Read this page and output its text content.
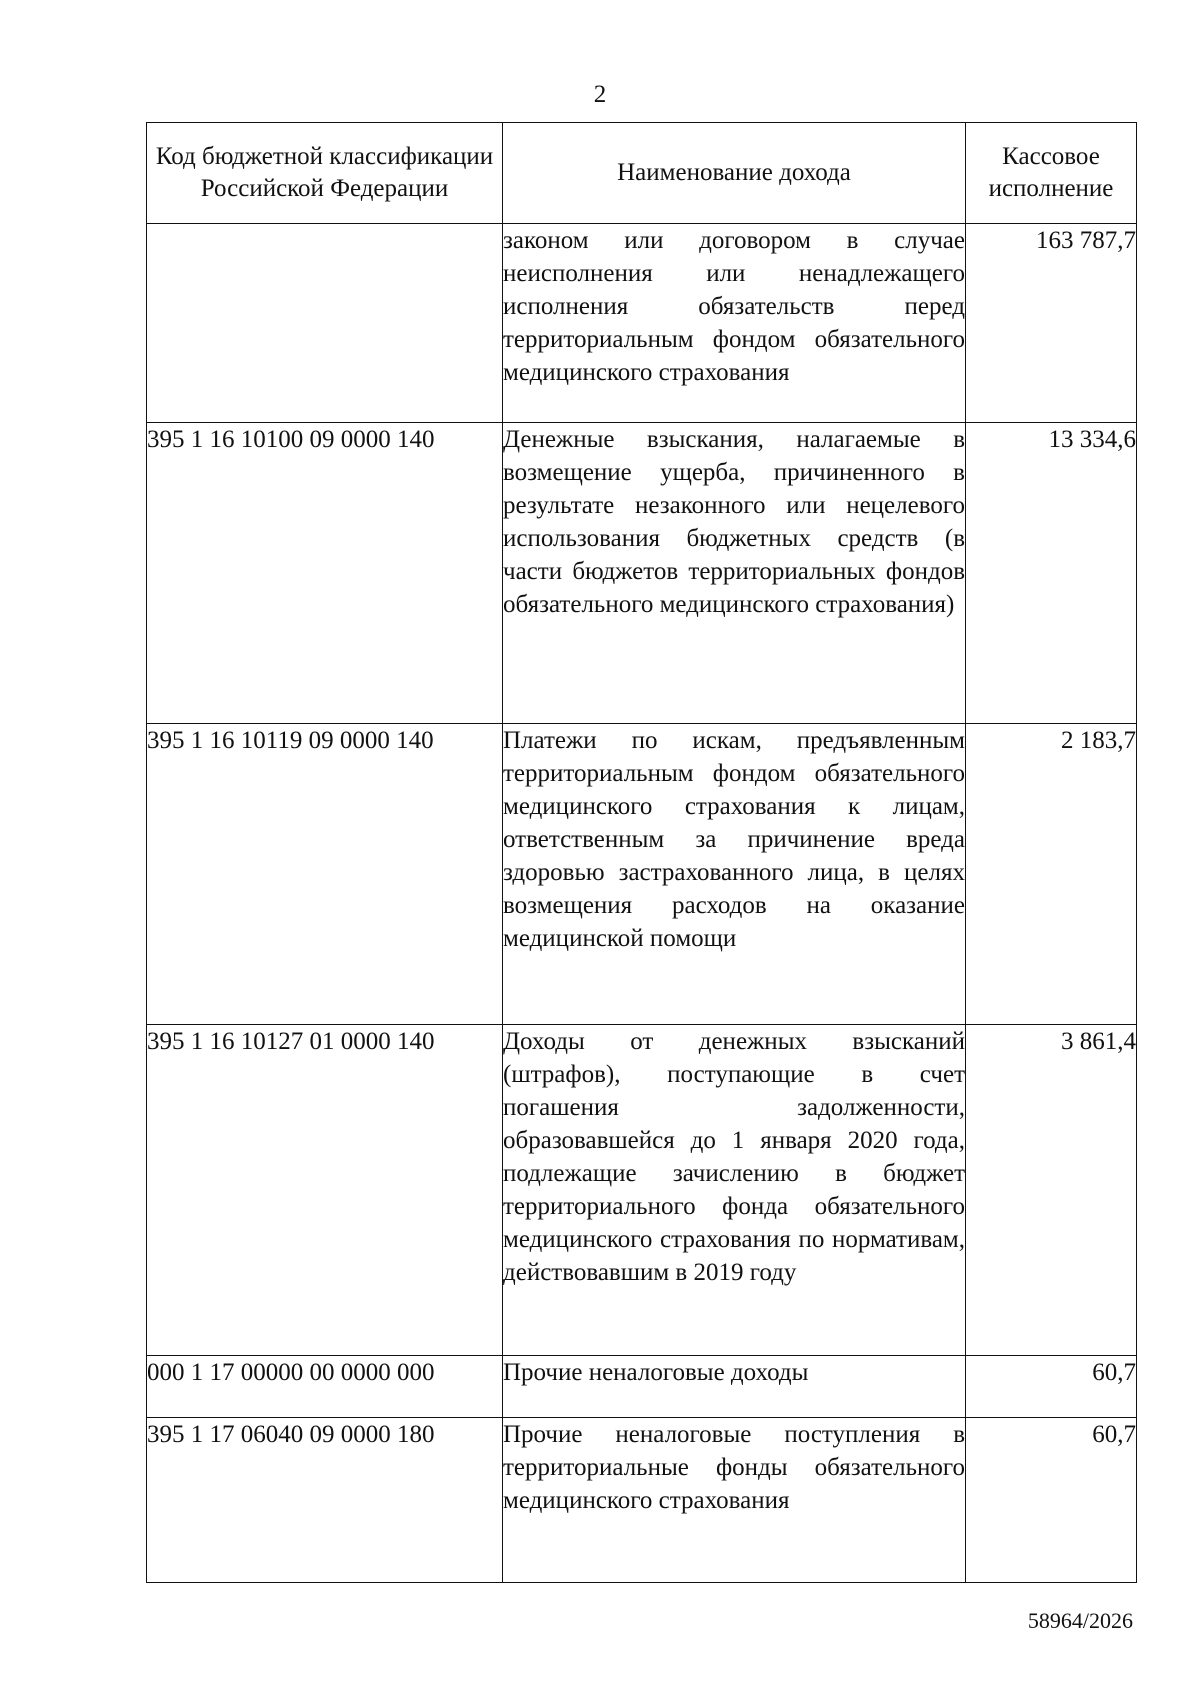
2
Код бюджетной классификации Российской Федерации	Наименование дохода	Кассовое исполнение
	законом или договором в случае неисполнения или ненадлежащего исполнения обязательств перед территориальным фондом обязательного медицинского страхования	163 787,7
395 1 16 10100 09 0000 140	Денежные взыскания, налагаемые в возмещение ущерба, причиненного в результате незаконного или нецелевого использования бюджетных средств (в части бюджетов территориальных фондов обязательного медицинского страхования)	13 334,6
395 1 16 10119 09 0000 140	Платежи по искам, предъявленным территориальным фондом обязательного медицинского страхования к лицам, ответственным за причинение вреда здоровью застрахованного лица, в целях возмещения расходов на оказание медицинской помощи	2 183,7
395 1 16 10127 01 0000 140	Доходы от денежных взысканий (штрафов), поступающие в счет погашения задолженности, образовавшейся до 1 января 2020 года, подлежащие зачислению в бюджет территориального фонда обязательного медицинского страхования по нормативам, действовавшим в 2019 году	3 861,4
000 1 17 00000 00 0000 000	Прочие неналоговые доходы	60,7
395 1 17 06040 09 0000 180	Прочие неналоговые поступления в территориальные фонды обязательного медицинского страхования	60,7
58964/2026
